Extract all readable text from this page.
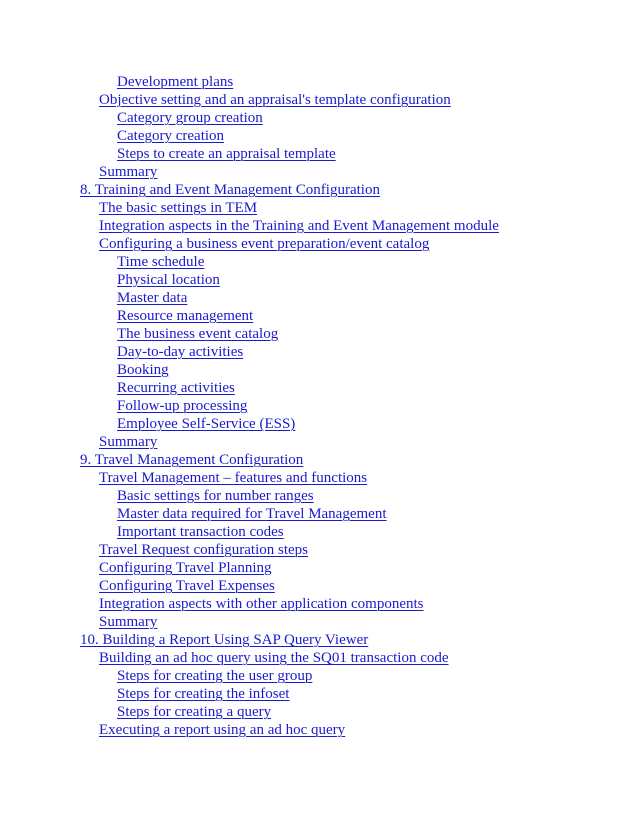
Development plans
Objective setting and an appraisal's template configuration
Category group creation
Category creation
Steps to create an appraisal template
Summary
8. Training and Event Management Configuration
The basic settings in TEM
Integration aspects in the Training and Event Management module
Configuring a business event preparation/event catalog
Time schedule
Physical location
Master data
Resource management
The business event catalog
Day-to-day activities
Booking
Recurring activities
Follow-up processing
Employee Self-Service (ESS)
Summary
9. Travel Management Configuration
Travel Management – features and functions
Basic settings for number ranges
Master data required for Travel Management
Important transaction codes
Travel Request configuration steps
Configuring Travel Planning
Configuring Travel Expenses
Integration aspects with other application components
Summary
10. Building a Report Using SAP Query Viewer
Building an ad hoc query using the SQ01 transaction code
Steps for creating the user group
Steps for creating the infoset
Steps for creating a query
Executing a report using an ad hoc query
